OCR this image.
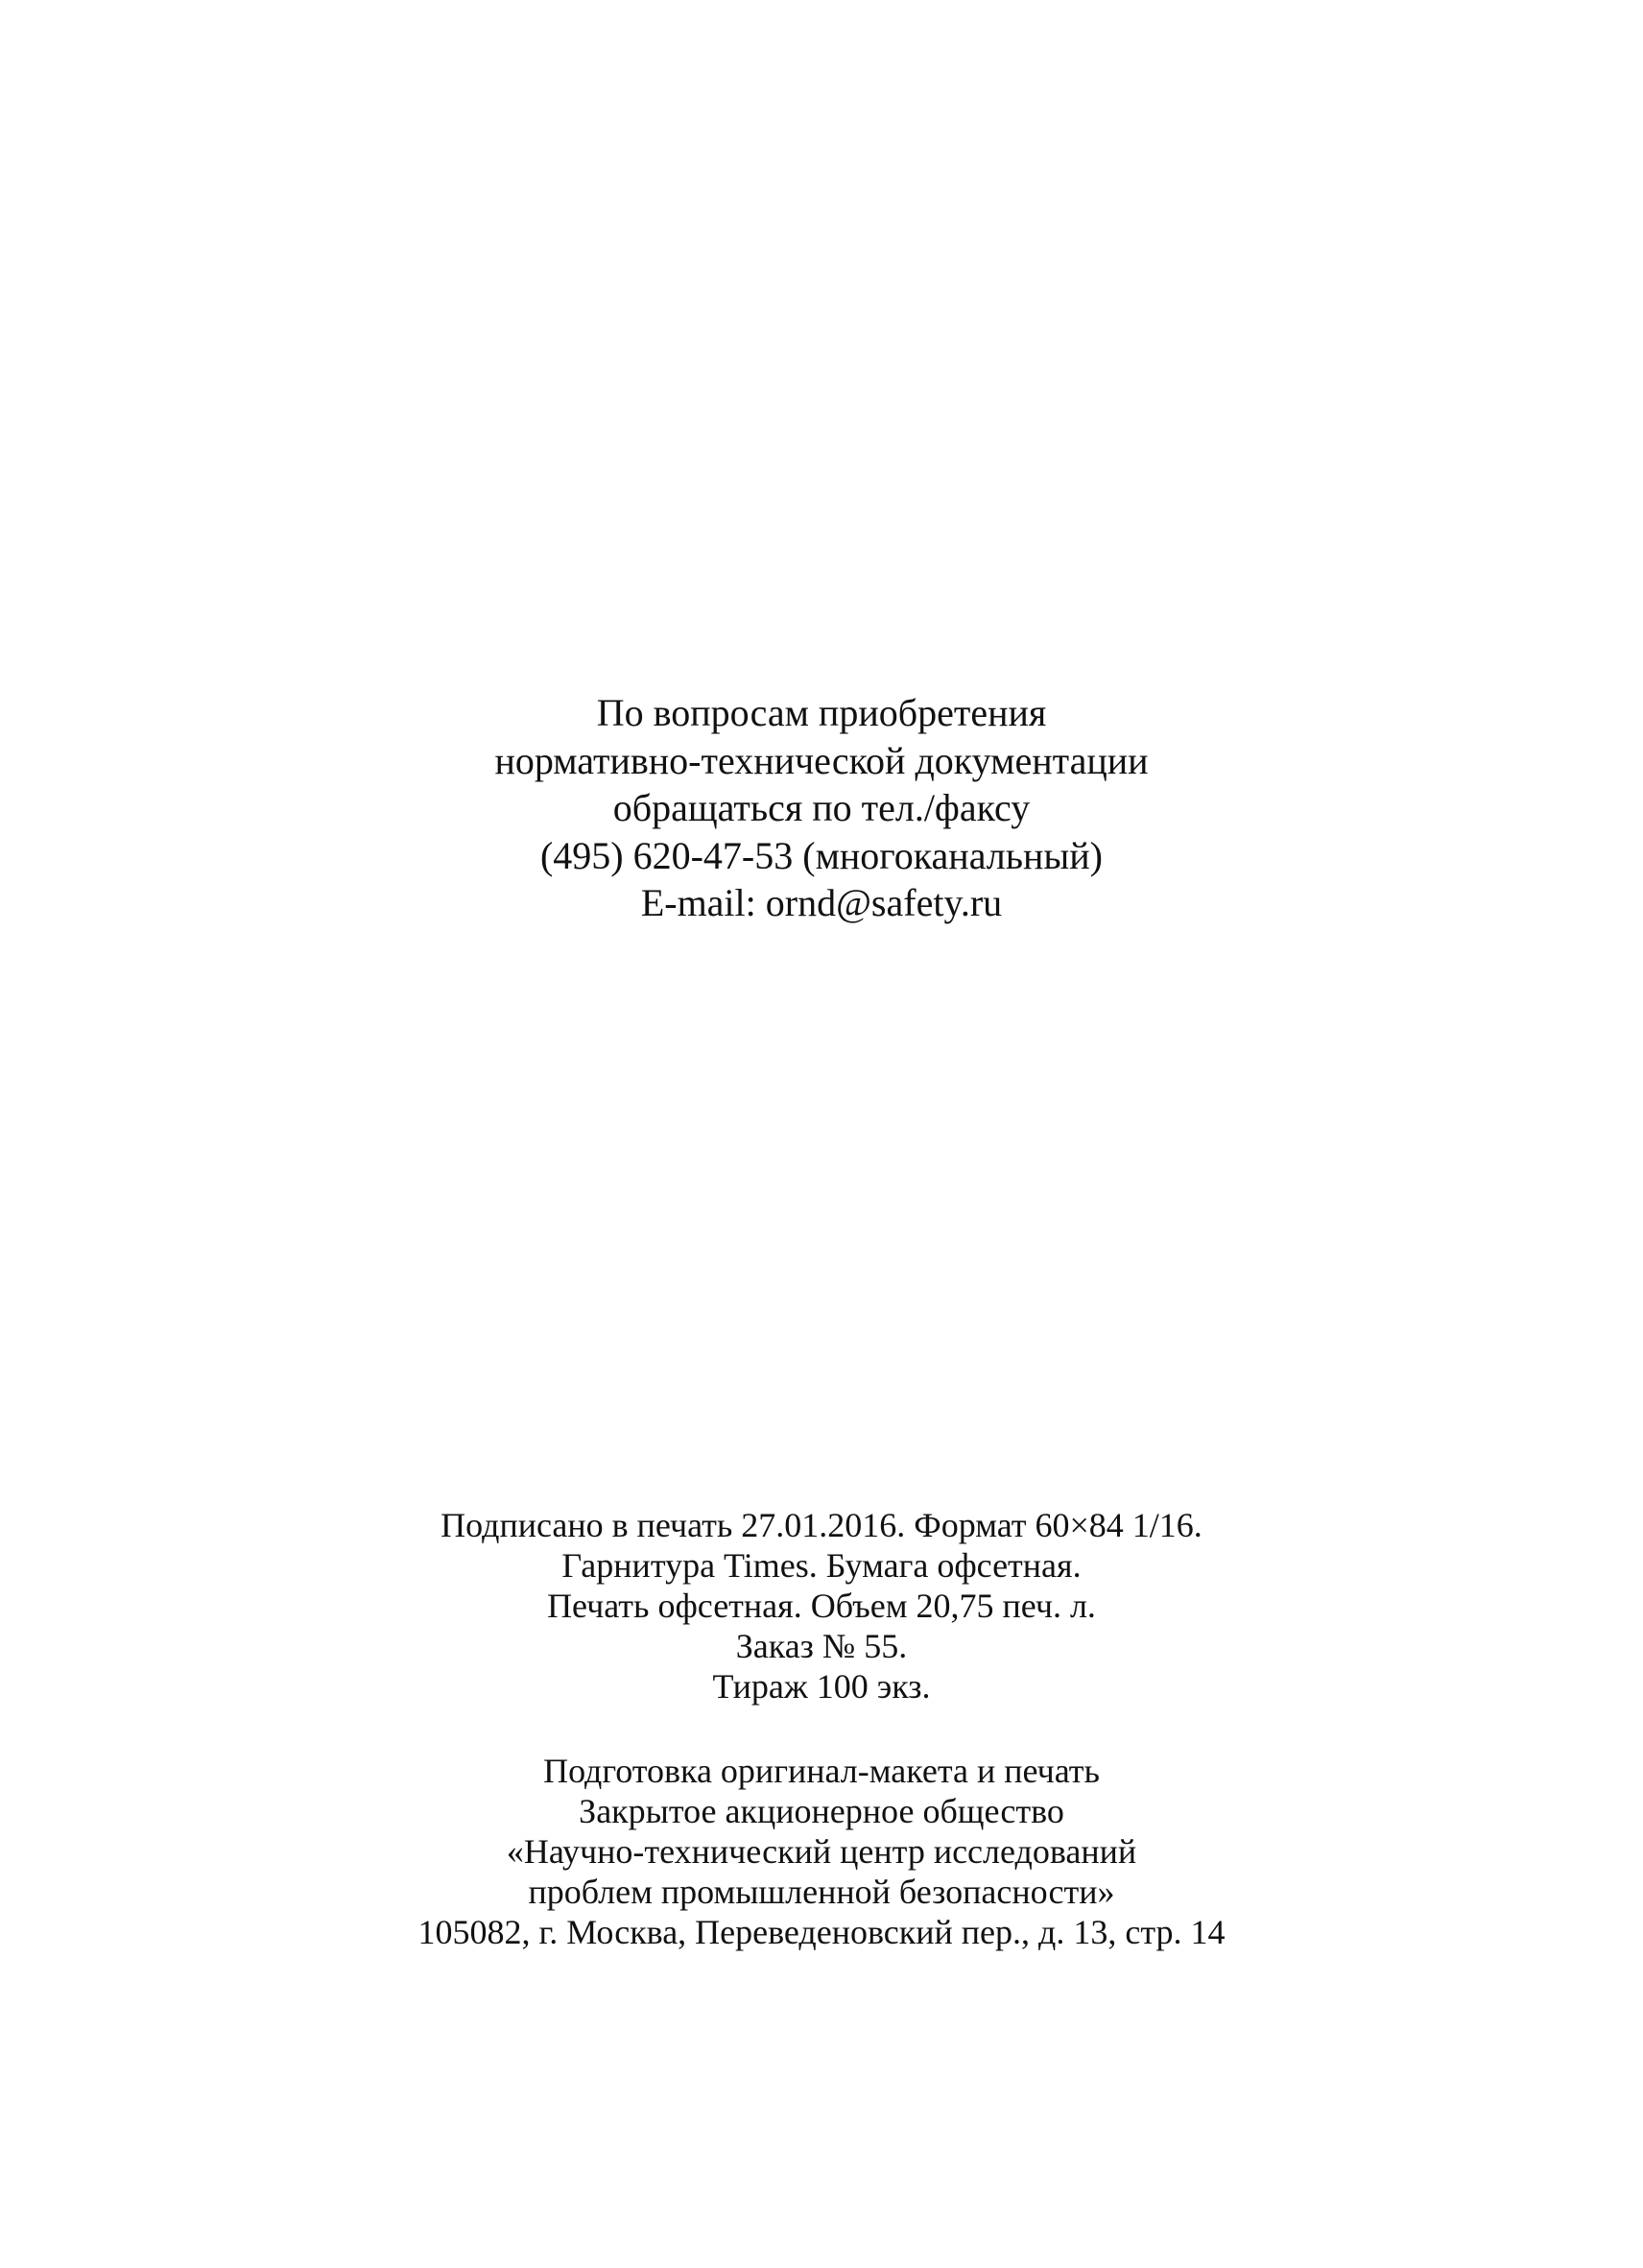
По вопросам приобретения
нормативно-технической документации
обращаться по тел./факсу
(495) 620-47-53 (многоканальный)
E-mail: ornd@safety.ru
Подписано в печать 27.01.2016. Формат 60×84 1/16.
Гарнитура Times. Бумага офсетная.
Печать офсетная. Объем 20,75 печ. л.
Заказ № 55.
Тираж 100 экз.
Подготовка оригинал-макета и печать
Закрытое акционерное общество
«Научно-технический центр исследований
проблем промышленной безопасности»
105082, г. Москва, Переведеновский пер., д. 13, стр. 14
